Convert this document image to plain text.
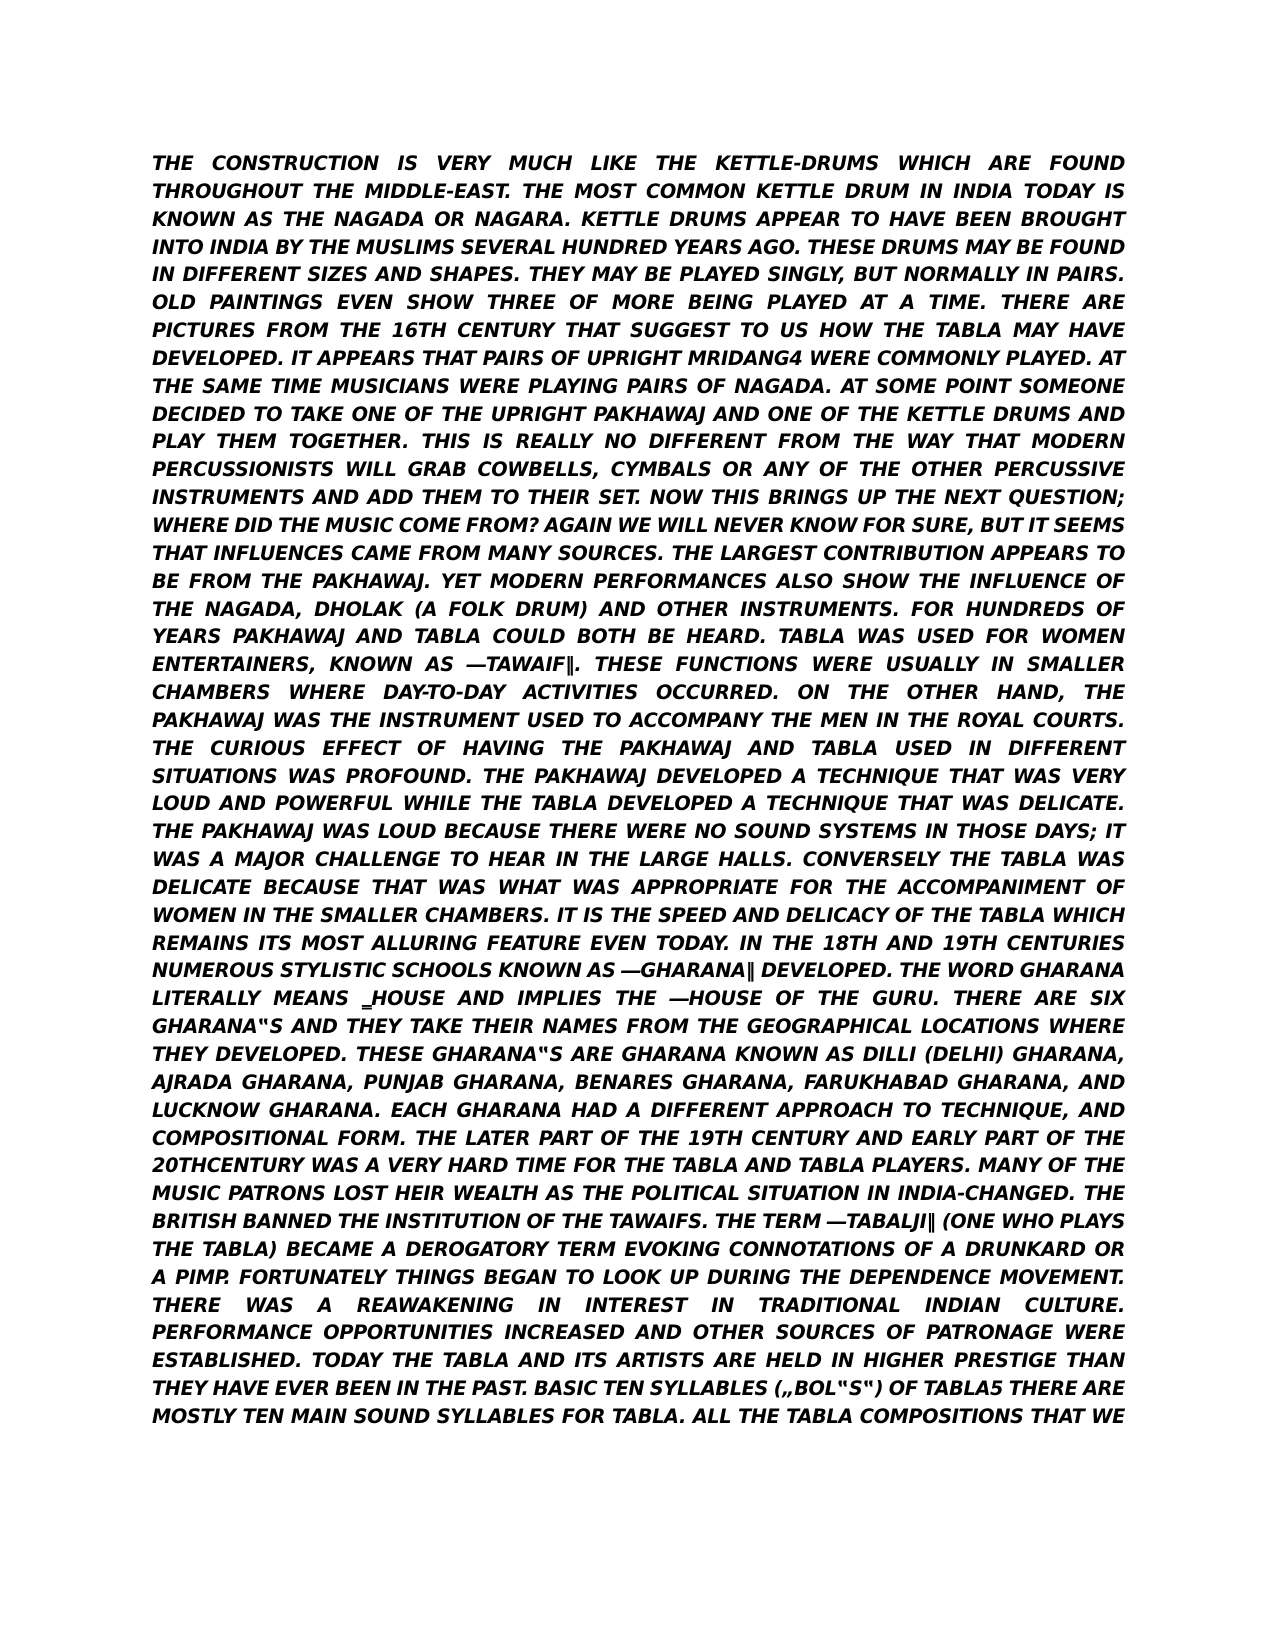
THE CONSTRUCTION IS VERY MUCH LIKE THE KETTLE-DRUMS WHICH ARE FOUND
THROUGHOUT THE MIDDLE-EAST. THE MOST COMMON KETTLE DRUM IN INDIA TODAY IS
KNOWN AS THE NAGADA OR NAGARA. KETTLE DRUMS APPEAR TO HAVE BEEN BROUGHT
INTO INDIA BY THE MUSLIMS SEVERAL HUNDRED YEARS AGO. THESE DRUMS MAY BE FOUND
IN DIFFERENT SIZES AND SHAPES. THEY MAY BE PLAYED SINGLY, BUT NORMALLY IN PAIRS.
OLD PAINTINGS EVEN SHOW THREE OF MORE BEING PLAYED AT A TIME. THERE ARE
PICTURES FROM THE 16TH CENTURY THAT SUGGEST TO US HOW THE TABLA MAY HAVE
DEVELOPED. IT APPEARS THAT PAIRS OF UPRIGHT MRIDANG4 WERE COMMONLY PLAYED. AT
THE SAME TIME MUSICIANS WERE PLAYING PAIRS OF NAGADA. AT SOME POINT SOMEONE
DECIDED TO TAKE ONE OF THE UPRIGHT PAKHAWAJ AND ONE OF THE KETTLE DRUMS AND
PLAY THEM TOGETHER. THIS IS REALLY NO DIFFERENT FROM THE WAY THAT MODERN
PERCUSSIONISTS WILL GRAB COWBELLS, CYMBALS OR ANY OF THE OTHER PERCUSSIVE
INSTRUMENTS AND ADD THEM TO THEIR SET. NOW THIS BRINGS UP THE NEXT QUESTION;
WHERE DID THE MUSIC COME FROM? AGAIN WE WILL NEVER KNOW FOR SURE, BUT IT SEEMS
THAT INFLUENCES CAME FROM MANY SOURCES. THE LARGEST CONTRIBUTION APPEARS TO
BE FROM THE PAKHAWAJ. YET MODERN PERFORMANCES ALSO SHOW THE INFLUENCE OF
THE NAGADA, DHOLAK (A FOLK DRUM) AND OTHER INSTRUMENTS. FOR HUNDREDS OF
YEARS PAKHAWAJ AND TABLA COULD BOTH BE HEARD. TABLA WAS USED FOR WOMEN
ENTERTAINERS, KNOWN AS ―TAWAIF‖. THESE FUNCTIONS WERE USUALLY IN SMALLER
CHAMBERS WHERE DAY-TO-DAY ACTIVITIES OCCURRED. ON THE OTHER HAND, THE
PAKHAWAJ WAS THE INSTRUMENT USED TO ACCOMPANY THE MEN IN THE ROYAL COURTS.
THE CURIOUS EFFECT OF HAVING THE PAKHAWAJ AND TABLA USED IN DIFFERENT
SITUATIONS WAS PROFOUND. THE PAKHAWAJ DEVELOPED A TECHNIQUE THAT WAS VERY
LOUD AND POWERFUL WHILE THE TABLA DEVELOPED A TECHNIQUE THAT WAS DELICATE.
THE PAKHAWAJ WAS LOUD BECAUSE THERE WERE NO SOUND SYSTEMS IN THOSE DAYS; IT
WAS A MAJOR CHALLENGE TO HEAR IN THE LARGE HALLS. CONVERSELY THE TABLA WAS
DELICATE BECAUSE THAT WAS WHAT WAS APPROPRIATE FOR THE ACCOMPANIMENT OF
WOMEN IN THE SMALLER CHAMBERS. IT IS THE SPEED AND DELICACY OF THE TABLA WHICH
REMAINS ITS MOST ALLURING FEATURE EVEN TODAY. IN THE 18TH AND 19TH CENTURIES
NUMEROUS STYLISTIC SCHOOLS KNOWN AS ―GHARANA‖ DEVELOPED. THE WORD GHARANA
LITERALLY MEANS ‗HOUSE AND IMPLIES THE ―HOUSE OF THE GURU. THERE ARE SIX
GHARANA‟S AND THEY TAKE THEIR NAMES FROM THE GEOGRAPHICAL LOCATIONS WHERE
THEY DEVELOPED. THESE GHARANA‟S ARE GHARANA KNOWN AS DILLI (DELHI) GHARANA,
AJRADA GHARANA, PUNJAB GHARANA, BENARES GHARANA, FARUKHABAD GHARANA, AND
LUCKNOW GHARANA. EACH GHARANA HAD A DIFFERENT APPROACH TO TECHNIQUE, AND
COMPOSITIONAL FORM. THE LATER PART OF THE 19TH CENTURY AND EARLY PART OF THE
20THCENTURY WAS A VERY HARD TIME FOR THE TABLA AND TABLA PLAYERS. MANY OF THE
MUSIC PATRONS LOST HEIR WEALTH AS THE POLITICAL SITUATION IN INDIA-CHANGED. THE
BRITISH BANNED THE INSTITUTION OF THE TAWAIFS. THE TERM ―TABALJI‖ (ONE WHO PLAYS
THE TABLA) BECAME A DEROGATORY TERM EVOKING CONNOTATIONS OF A DRUNKARD OR
A PIMP. FORTUNATELY THINGS BEGAN TO LOOK UP DURING THE DEPENDENCE MOVEMENT.
THERE WAS A REAWAKENING IN INTEREST IN TRADITIONAL INDIAN CULTURE.
PERFORMANCE OPPORTUNITIES INCREASED AND OTHER SOURCES OF PATRONAGE WERE
ESTABLISHED. TODAY THE TABLA AND ITS ARTISTS ARE HELD IN HIGHER PRESTIGE THAN
THEY HAVE EVER BEEN IN THE PAST. BASIC TEN SYLLABLES („BOL‟S‟) OF TABLA5 THERE ARE
MOSTLY TEN MAIN SOUND SYLLABLES FOR TABLA. ALL THE TABLA COMPOSITIONS THAT WE
